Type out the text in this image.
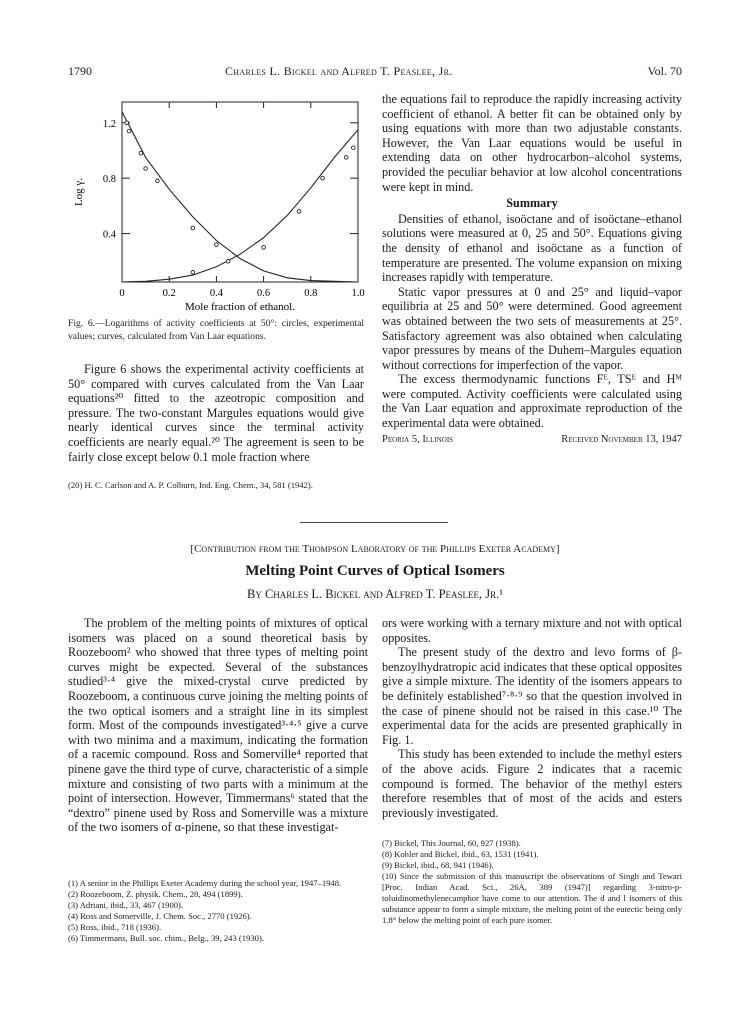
1790	Charles L. Bickel and Alfred T. Peaslee, Jr.	Vol. 70
0	0.2	0.4	0.6	0.8	1.0
0.4
0.8
1.2
Log γ.
Mole fraction of ethanol.
Fig. 6.—Logarithms of activity coefficients at 50°: circles, experimental values; curves, calculated from Van Laar equations.

Figure 6 shows the experimental activity coefficients at 50° compared with curves calculated from the Van Laar equations²⁰ fitted to the azeotropic composition and pressure. The two-constant Margules equations would give nearly identical curves since the terminal activity coefficients are nearly equal.²⁰ The agreement is seen to be fairly close except below 0.1 mole fraction where

(20) H. C. Carlson and A. P. Colburn, Ind. Eng. Chem., 34, 581 (1942).

the equations fail to reproduce the rapidly increasing activity coefficient of ethanol. A better fit can be obtained only by using equations with more than two adjustable constants. However, the Van Laar equations would be useful in extending data on other hydrocarbon–alcohol systems, provided the peculiar behavior at low alcohol concentrations were kept in mind.

Summary

Densities of ethanol, isoöctane and of isoöctane–ethanol solutions were measured at 0, 25 and 50°. Equations giving the density of ethanol and isoöctane as a function of temperature are presented. The volume expansion on mixing increases rapidly with temperature.

Static vapor pressures at 0 and 25° and liquid–vapor equilibria at 25 and 50° were determined. Good agreement was obtained between the two sets of measurements at 25°. Satisfactory agreement was also obtained when calculating vapor pressures by means of the Duhem–Margules equation without corrections for imperfection of the vapor.

The excess thermodynamic functions Fᴱ, TSᴱ and Hᴹ were computed. Activity coefficients were calculated using the Van Laar equation and approximate reproduction of the experimental data were obtained.

Peoria 5, Illinois	Received November 13, 1947
[Contribution from the Thompson Laboratory of the Phillips Exeter Academy]
Melting Point Curves of Optical Isomers
By Charles L. Bickel and Alfred T. Peaslee, Jr.¹

The problem of the melting points of mixtures of optical isomers was placed on a sound theoretical basis by Roozeboom² who showed that three types of melting point curves might be expected. Several of the substances studied³·⁴ give the mixed-crystal curve predicted by Roozeboom, a continuous curve joining the melting points of the two optical isomers and a straight line in its simplest form. Most of the compounds investigated³·⁴·⁵ give a curve with two minima and a maximum, indicating the formation of a racemic compound. Ross and Somerville⁴ reported that pinene gave the third type of curve, characteristic of a simple mixture and consisting of two parts with a minimum at the point of intersection. However, Timmermans⁶ stated that the “dextro” pinene used by Ross and Somerville was a mixture of the two isomers of α-pinene, so that these investigat-

(1) A senior in the Phillips Exeter Academy during the school year, 1947–1948.

(2) Roozeboom, Z. physik. Chem., 28, 494 (1899).

(3) Adriani, ibid., 33, 467 (1900).

(4) Ross and Somerville, J. Chem. Soc., 2770 (1926).

(5) Ross, ibid., 718 (1936).

(6) Timmermans, Bull. soc. chim., Belg., 39, 243 (1930).

ors were working with a ternary mixture and not with optical opposites.

The present study of the dextro and levo forms of β-benzoylhydratropic acid indicates that these optical opposites give a simple mixture. The identity of the isomers appears to be definitely established⁷·⁸·⁹ so that the question involved in the case of pinene should not be raised in this case.¹⁰ The experimental data for the acids are presented graphically in Fig. 1.

This study has been extended to include the methyl esters of the above acids. Figure 2 indicates that a racemic compound is formed. The behavior of the methyl esters therefore resembles that of most of the acids and esters previously investigated.

(7) Bickel, This Journal, 60, 927 (1938).

(8) Kohler and Bickel, ibid., 63, 1531 (1941).

(9) Bickel, ibid., 68, 941 (1946).

(10) Since the submission of this manuscript the observations of Singh and Tewari [Proc. Indian Acad. Sci., 26A, 389 (1947)] regarding 3-nitro-p-toluidinomethylenecamphor have come to our attention. The d and l isomers of this substance appear to form a simple mixture, the melting point of the eutectic being only 1.8° below the melting point of each pure isomer.
